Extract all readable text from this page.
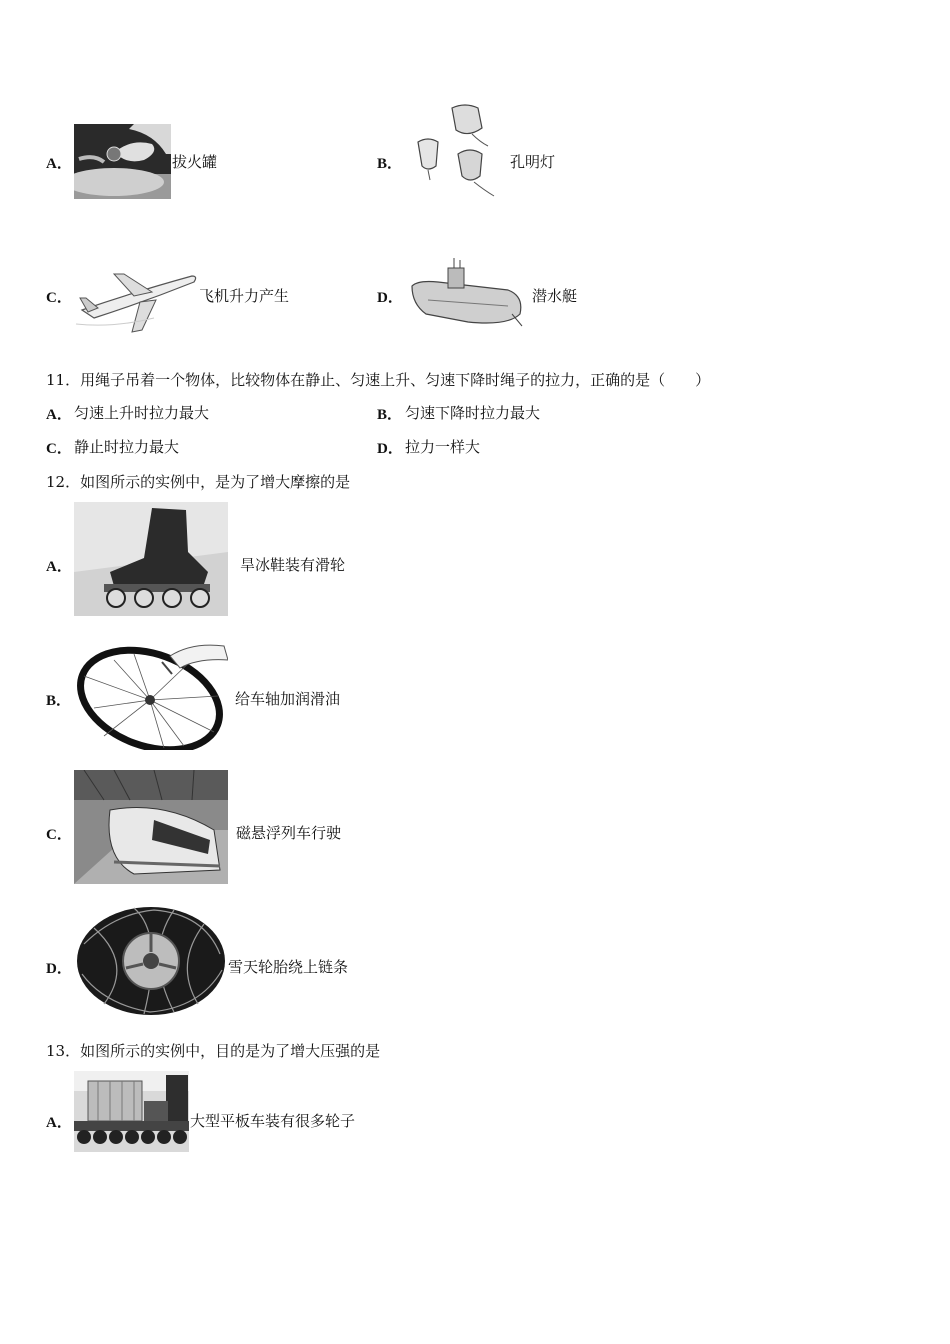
A．	拔火罐	B．	孔明灯
C．	飞机升力产生	D．	潜水艇
11．用绳子吊着一个物体，比较物体在静止、匀速上升、匀速下降时绳子的拉力，正确的是（　　）
A． 匀速上升时拉力最大	B． 匀速下降时拉力最大
C． 静止时拉力最大	D． 拉力一样大
12．如图所示的实例中，是为了增大摩擦的是
A．	旱冰鞋装有滑轮
B．	给车轴加润滑油
C．	磁悬浮列车行驶
D．	雪天轮胎绕上链条
13．如图所示的实例中，目的是为了增大压强的是
A．	大型平板车装有很多轮子
